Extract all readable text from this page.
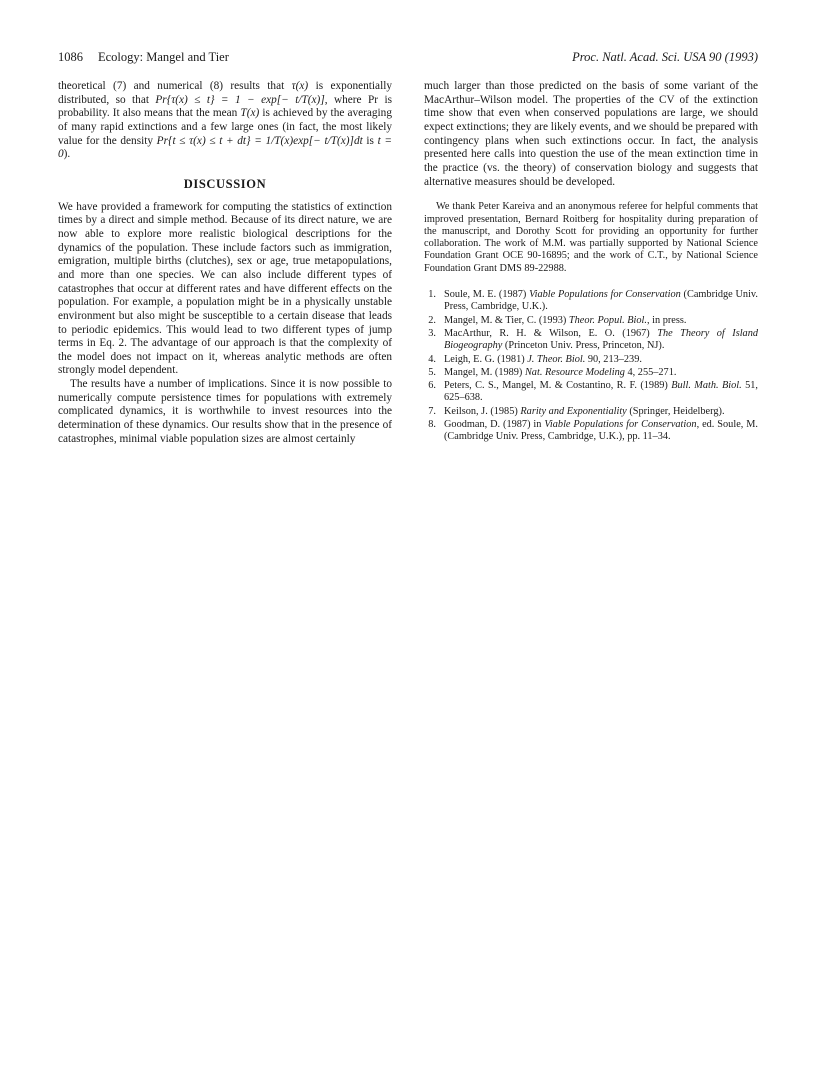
1086 Ecology: Mangel and Tier	Proc. Natl. Acad. Sci. USA 90 (1993)

theoretical (7) and numerical (8) results that τ(x) is exponentially distributed, so that Pr{τ(x) ≤ t} = 1 − exp[− t/T(x)], where Pr is probability. It also means that the mean T(x) is achieved by the averaging of many rapid extinctions and a few large ones (in fact, the most likely value for the density Pr{t ≤ τ(x) ≤ t + dt} = 1/T(x)exp[− t/T(x)]dt is t = 0).

DISCUSSION

We have provided a framework for computing the statistics of extinction times by a direct and simple method. Because of its direct nature, we are now able to explore more realistic biological descriptions for the dynamics of the population. These include factors such as immigration, emigration, multiple births (clutches), sex or age, true metapopulations, and more than one species. We can also include different types of catastrophes that occur at different rates and have different effects on the population. For example, a population might be in a physically unstable environment but also might be susceptible to a certain disease that leads to periodic epidemics. This would lead to two different types of jump terms in Eq. 2. The advantage of our approach is that the complexity of the model does not impact on it, whereas analytic methods are often strongly model dependent.

The results have a number of implications. Since it is now possible to numerically compute persistence times for populations with extremely complicated dynamics, it is worthwhile to invest resources into the determination of these dynamics. Our results show that in the presence of catastrophes, minimal viable population sizes are almost certainly

much larger than those predicted on the basis of some variant of the MacArthur–Wilson model. The properties of the CV of the extinction time show that even when conserved populations are large, we should expect extinctions; they are likely events, and we should be prepared with contingency plans when such extinctions occur. In fact, the analysis presented here calls into question the use of the mean extinction time in the practice (vs. the theory) of conservation biology and suggests that alternative measures should be developed.

We thank Peter Kareiva and an anonymous referee for helpful comments that improved presentation, Bernard Roitberg for hospitality during preparation of the manuscript, and Dorothy Scott for providing an opportunity for further collaboration. The work of M.M. was partially supported by National Science Foundation Grant OCE 90-16895; and the work of C.T., by National Science Foundation Grant DMS 89-22988.

1. Soule, M. E. (1987) Viable Populations for Conservation (Cambridge Univ. Press, Cambridge, U.K.).
2. Mangel, M. & Tier, C. (1993) Theor. Popul. Biol., in press.
3. MacArthur, R. H. & Wilson, E. O. (1967) The Theory of Island Biogeography (Princeton Univ. Press, Princeton, NJ).
4. Leigh, E. G. (1981) J. Theor. Biol. 90, 213–239.
5. Mangel, M. (1989) Nat. Resource Modeling 4, 255–271.
6. Peters, C. S., Mangel, M. & Costantino, R. F. (1989) Bull. Math. Biol. 51, 625–638.
7. Keilson, J. (1985) Rarity and Exponentiality (Springer, Heidelberg).
8. Goodman, D. (1987) in Viable Populations for Conservation, ed. Soule, M. (Cambridge Univ. Press, Cambridge, U.K.), pp. 11–34.
